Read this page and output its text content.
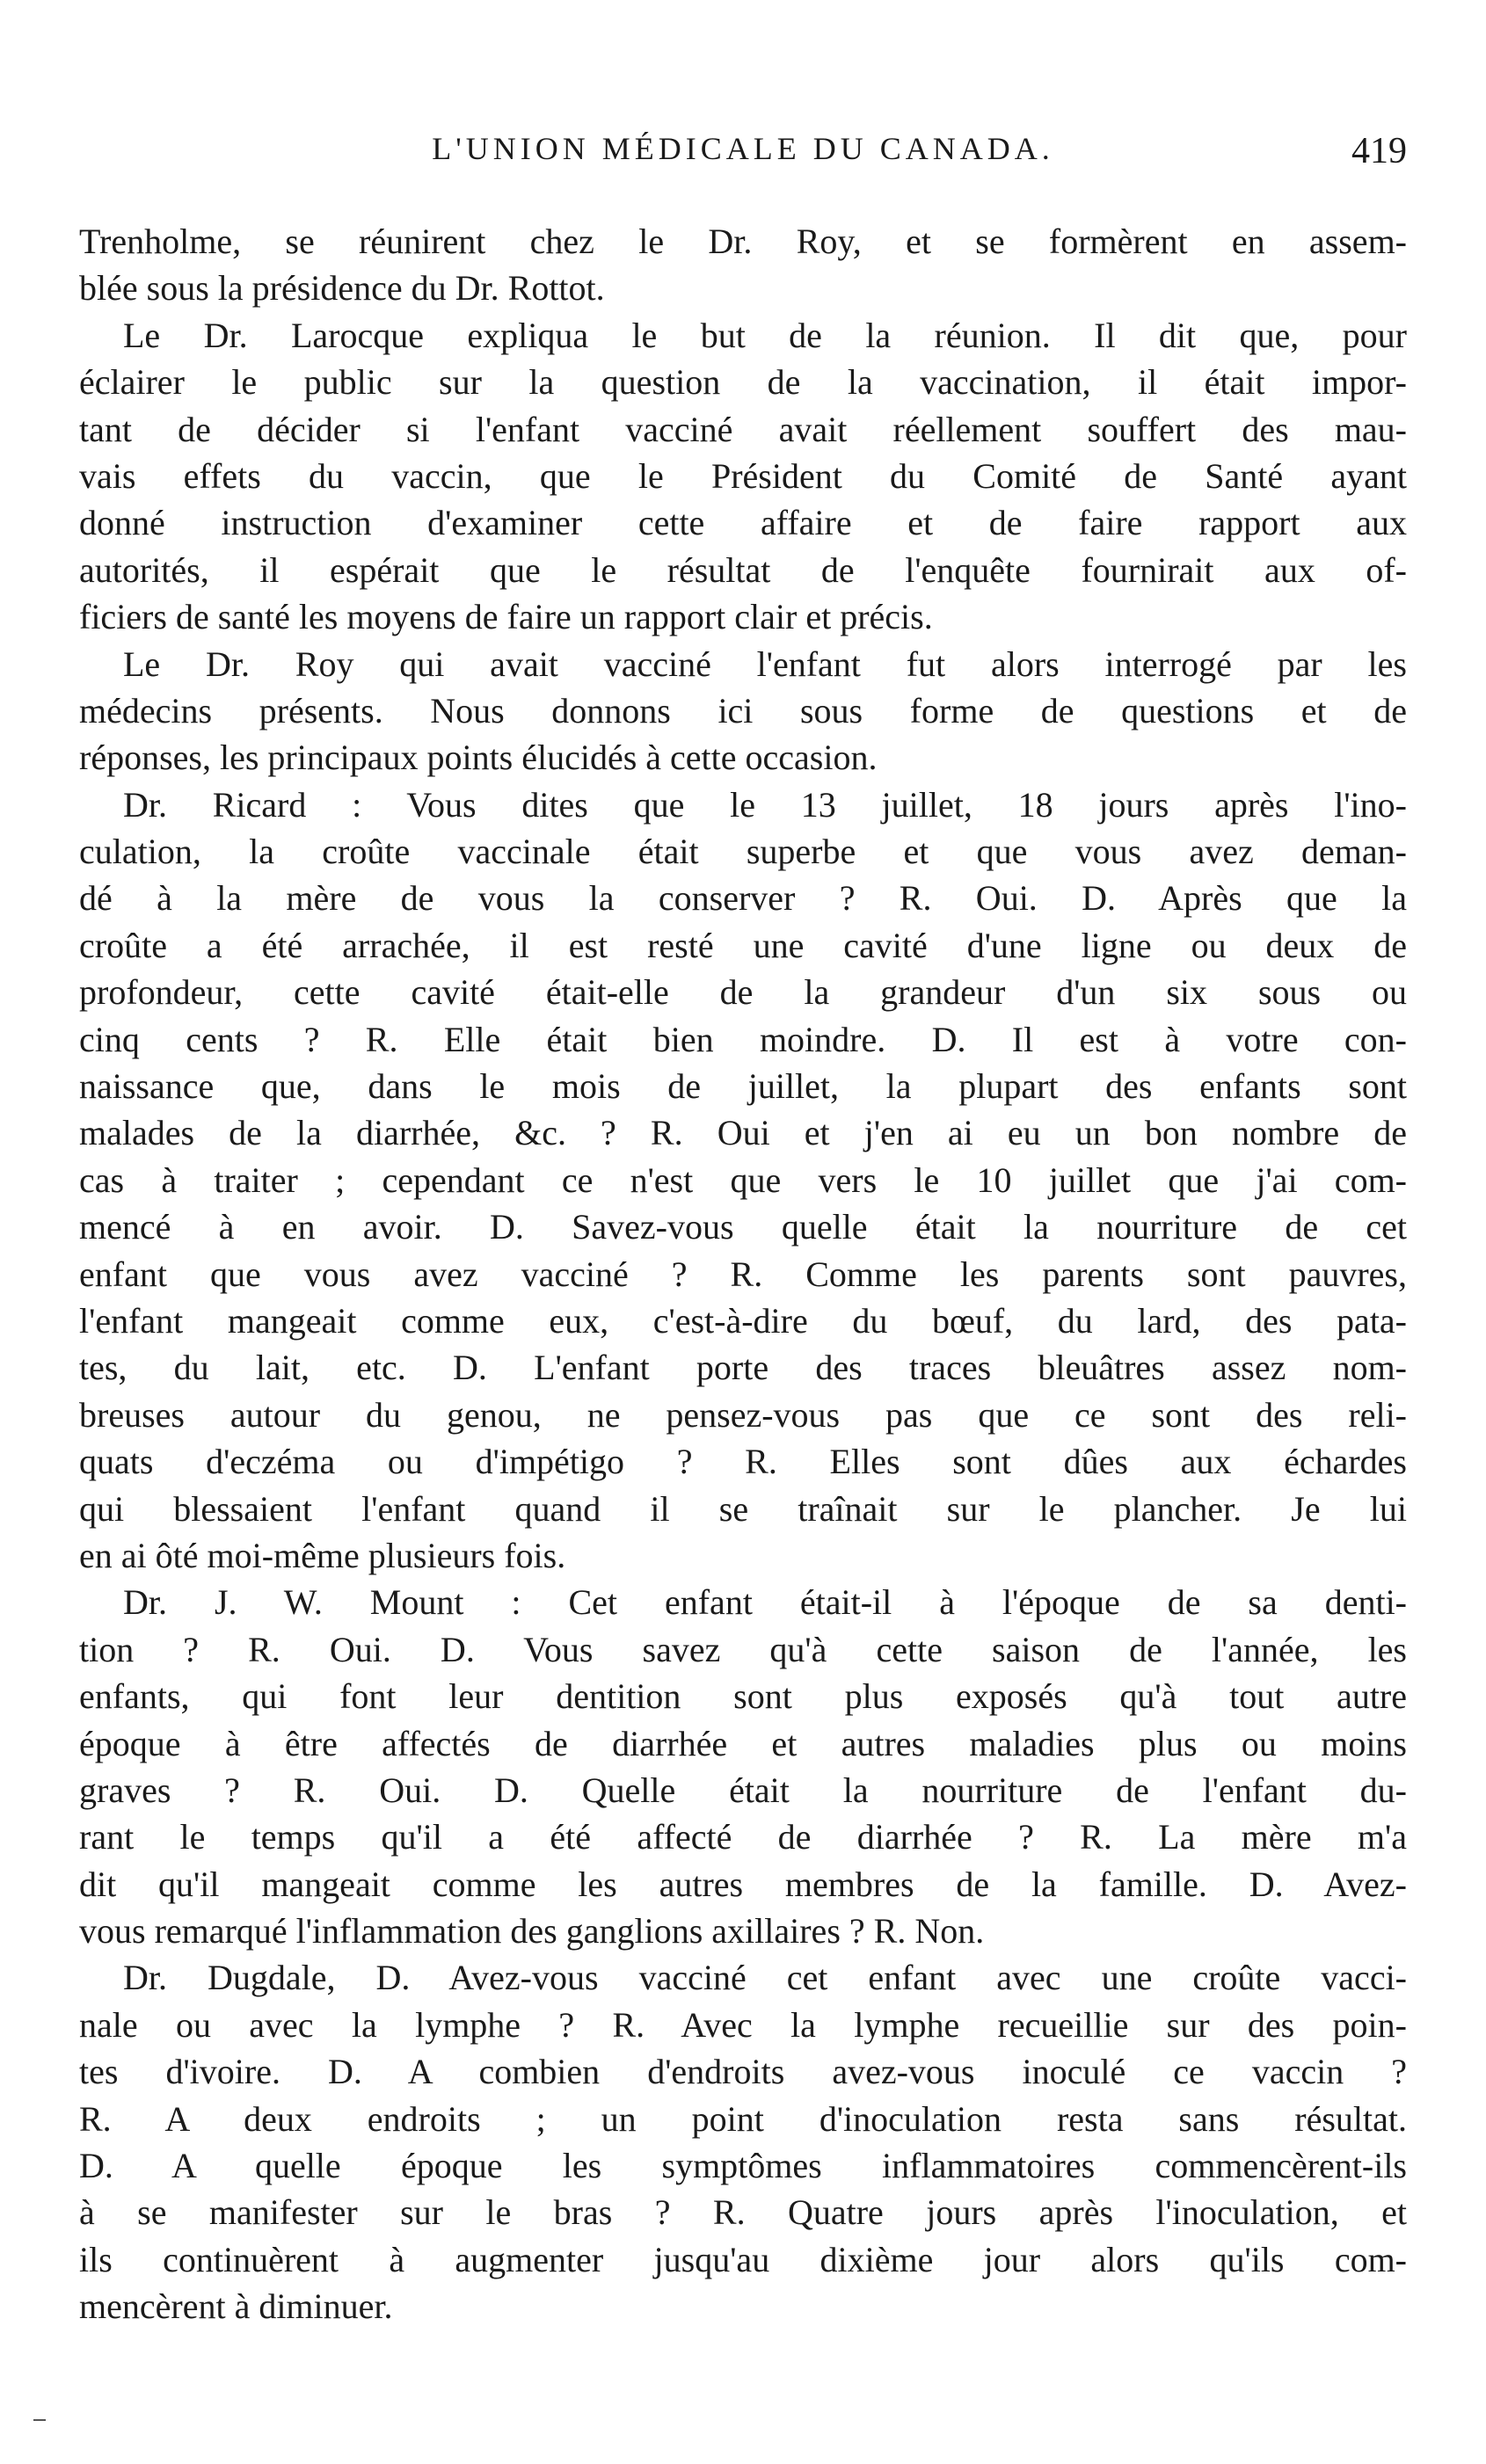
L'UNION MÉDICALE DU CANADA.	419
Trenholme, se réunirent chez le Dr. Roy, et se formèrent en assem-
blée sous la présidence du Dr. Rottot.
Le Dr. Larocque expliqua le but de la réunion. Il dit que, pour
éclairer le public sur la question de la vaccination, il était impor-
tant de décider si l'enfant vacciné avait réellement souffert des mau-
vais effets du vaccin, que le Président du Comité de Santé ayant
donné instruction d'examiner cette affaire et de faire rapport aux
autorités, il espérait que le résultat de l'enquête fournirait aux of-
ficiers de santé les moyens de faire un rapport clair et précis.
Le Dr. Roy qui avait vacciné l'enfant fut alors interrogé par les
médecins présents. Nous donnons ici sous forme de questions et de
réponses, les principaux points élucidés à cette occasion.
Dr. Ricard : Vous dites que le 13 juillet, 18 jours après l'ino-
culation, la croûte vaccinale était superbe et que vous avez deman-
dé à la mère de vous la conserver ? R. Oui. D. Après que la
croûte a été arrachée, il est resté une cavité d'une ligne ou deux de
profondeur, cette cavité était-elle de la grandeur d'un six sous ou
cinq cents ? R. Elle était bien moindre. D. Il est à votre con-
naissance que, dans le mois de juillet, la plupart des enfants sont
malades de la diarrhée, &c. ? R. Oui et j'en ai eu un bon nombre de
cas à traiter ; cependant ce n'est que vers le 10 juillet que j'ai com-
mencé à en avoir. D. Savez-vous quelle était la nourriture de cet
enfant que vous avez vacciné ? R. Comme les parents sont pauvres,
l'enfant mangeait comme eux, c'est-à-dire du bœuf, du lard, des pata-
tes, du lait, etc. D. L'enfant porte des traces bleuâtres assez nom-
breuses autour du genou, ne pensez-vous pas que ce sont des reli-
quats d'eczéma ou d'impétigo ? R. Elles sont dûes aux échardes
qui blessaient l'enfant quand il se traînait sur le plancher. Je lui
en ai ôté moi-même plusieurs fois.
Dr. J. W. Mount : Cet enfant était-il à l'époque de sa denti-
tion ? R. Oui. D. Vous savez qu'à cette saison de l'année, les
enfants, qui font leur dentition sont plus exposés qu'à tout autre
époque à être affectés de diarrhée et autres maladies plus ou moins
graves ? R. Oui. D. Quelle était la nourriture de l'enfant du-
rant le temps qu'il a été affecté de diarrhée ? R. La mère m'a
dit qu'il mangeait comme les autres membres de la famille. D. Avez-
vous remarqué l'inflammation des ganglions axillaires ? R. Non.
Dr. Dugdale, D. Avez-vous vacciné cet enfant avec une croûte vacci-
nale ou avec la lymphe ? R. Avec la lymphe recueillie sur des poin-
tes d'ivoire. D. A combien d'endroits avez-vous inoculé ce vaccin ?
R. A deux endroits ; un point d'inoculation resta sans résultat.
D. A quelle époque les symptômes inflammatoires commencèrent-ils
à se manifester sur le bras ? R. Quatre jours après l'inoculation, et
ils continuèrent à augmenter jusqu'au dixième jour alors qu'ils com-
mencèrent à diminuer.
